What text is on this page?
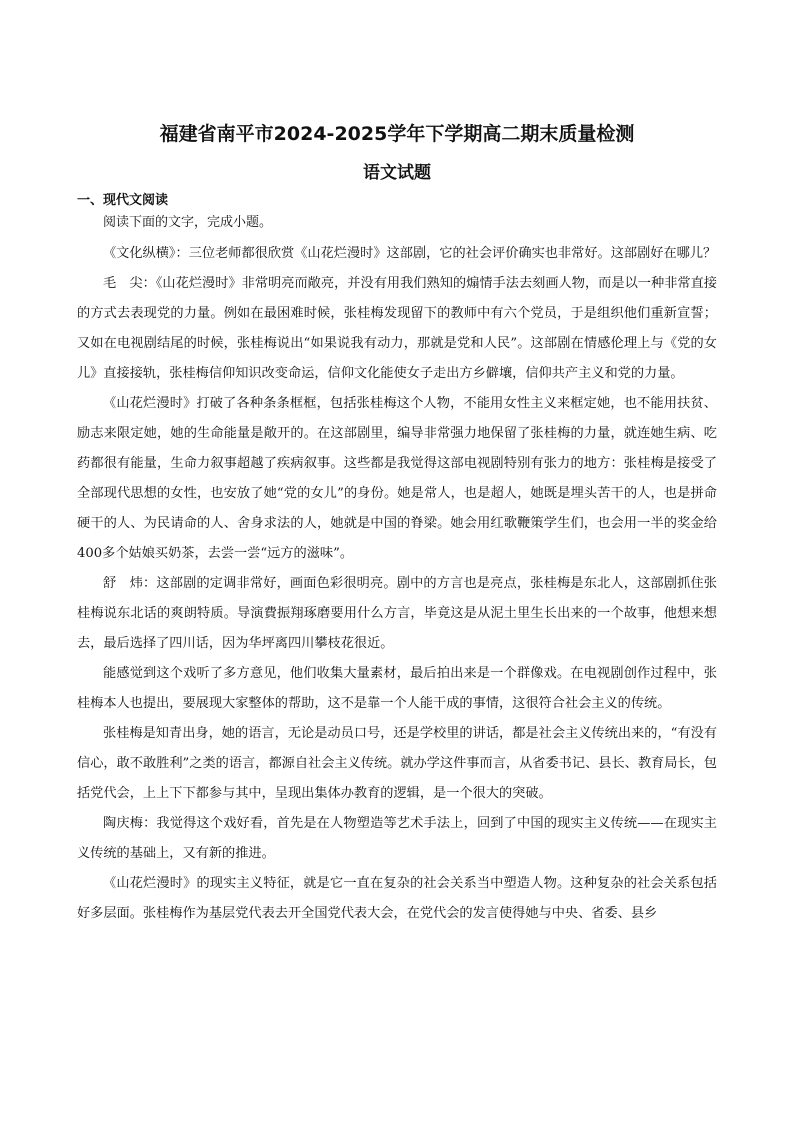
福建省南平市2024-2025学年下学期高二期末质量检测
语文试题
一、现代文阅读
阅读下面的文字，完成小题。

《文化纵横》：三位老师都很欣赏《山花烂漫时》这部剧，它的社会评价确实也非常好。这部剧好在哪儿？

毛　尖：《山花烂漫时》非常明亮而敞亮，并没有用我们熟知的煽情手法去刻画人物，而是以一种非常直接的方式去表现党的力量。例如在最困难时候，张桂梅发现留下的教师中有六个党员，于是组织他们重新宣誓；又如在电视剧结尾的时候，张桂梅说出“如果说我有动力，那就是党和人民”。这部剧在情感伦理上与《党的女儿》直接接轨，张桂梅信仰知识改变命运，信仰文化能使女子走出方乡僻壤，信仰共产主义和党的力量。

《山花烂漫时》打破了各种条条框框，包括张桂梅这个人物，不能用女性主义来框定她，也不能用扶贫、励志来限定她，她的生命能量是敞开的。在这部剧里，编导非常强力地保留了张桂梅的力量，就连她生病、吃药都很有能量，生命力叙事超越了疾病叙事。这些都是我觉得这部电视剧特别有张力的地方：张桂梅是接受了全部现代思想的女性，也安放了她“党的女儿”的身份。她是常人，也是超人，她既是埋头苦干的人，也是拼命硬干的人、为民请命的人、舍身求法的人，她就是中国的脊梁。她会用红歌鞭策学生们，也会用一半的奖金给400多个姑娘买奶茶，去尝一尝“远方的滋味”。

舒　炜：这部剧的定调非常好，画面色彩很明亮。剧中的方言也是亮点，张桂梅是东北人，这部剧抓住张桂梅说东北话的爽朗特质。导演費振翔琢磨要用什么方言，毕竟这是从泥土里生长出来的一个故事，他想来想去，最后选择了四川话，因为华坪离四川攀枝花很近。

能感觉到这个戏听了多方意见，他们收集大量素材，最后拍出来是一个群像戏。在电视剧创作过程中，张桂梅本人也提出，要展现大家整体的帮助，这不是靠一个人能干成的事情，这很符合社会主义的传统。

张桂梅是知青出身，她的语言，无论是动员口号，还是学校里的讲话，都是社会主义传统出来的，“有没有信心，敢不敢胜利”之类的语言，都源自社会主义传统。就办学这件事而言，从省委书记、县长、教育局长，包括党代会，上上下下都参与其中，呈现出集体办教育的逻辑，是一个很大的突破。

陶庆梅：我觉得这个戏好看，首先是在人物塑造等艺术手法上，回到了中国的现实主义传统——在现实主义传统的基础上，又有新的推进。

《山花烂漫时》的现实主义特征，就是它一直在复杂的社会关系当中塑造人物。这种复杂的社会关系包括好多层面。张桂梅作为基层党代表去开全国党代表大会，在党代会的发言使得她与中央、省委、县乡
